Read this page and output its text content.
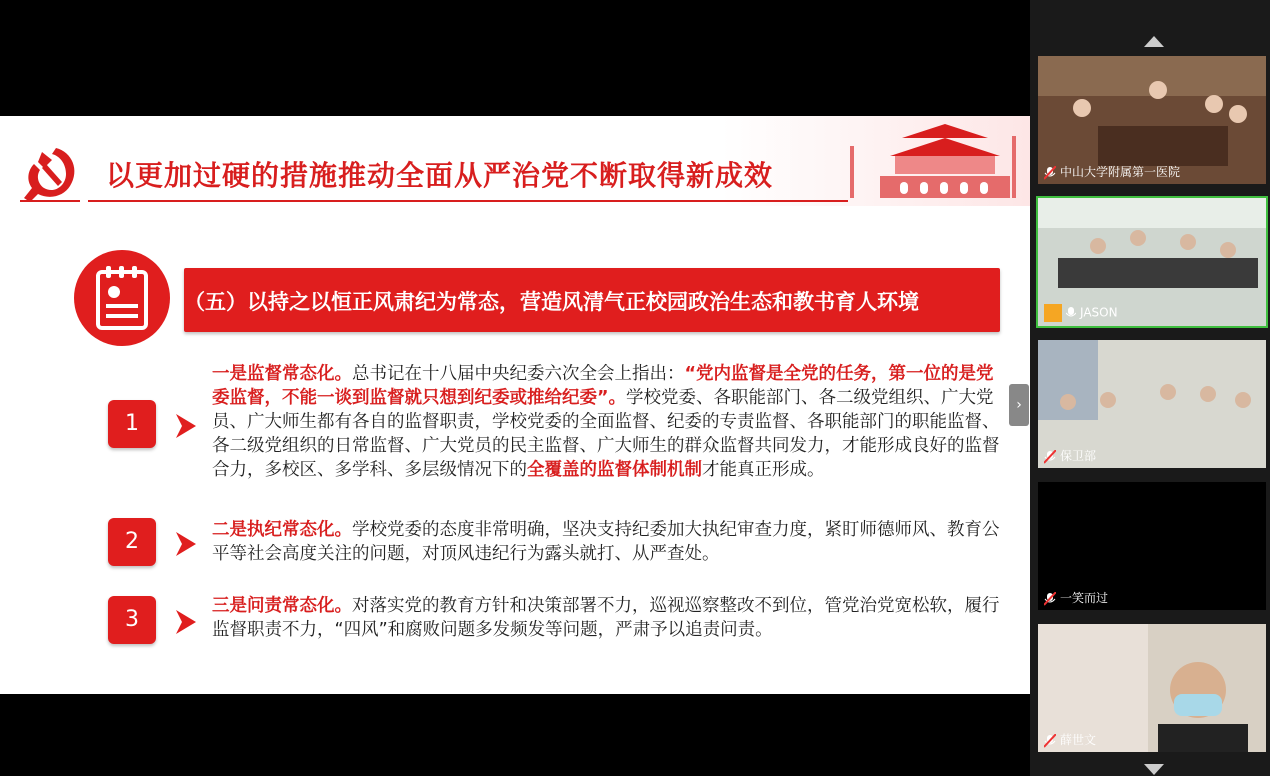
以更加过硬的措施推动全面从严治党不断取得新成效
（五）以持之以恒正风肃纪为常态，营造风清气正校园政治生态和教书育人环境
1
一是监督常态化。总书记在十八届中央纪委六次全会上指出：“党内监督是全党的任务，第一位的是党委监督，不能一谈到监督就只想到纪委或推给纪委”。学校党委、各职能部门、各二级党组织、广大党员、广大师生都有各自的监督职责，学校党委的全面监督、纪委的专责监督、各职能部门的职能监督、各二级党组织的日常监督、广大党员的民主监督、广大师生的群众监督共同发力，才能形成良好的监督合力，多校区、多学科、多层级情况下的全覆盖的监督体制机制才能真正形成。
2	二是执纪常态化。学校党委的态度非常明确，坚决支持纪委加大执纪审查力度，紧盯师德师风、教育公平等社会高度关注的问题，对顶风违纪行为露头就打、从严查处。
3
三是问责常态化。对落实党的教育方针和决策部署不力，巡视巡察整改不到位，管党治党宽松软，履行监督职责不力，“四风”和腐败问题多发频发等问题，严肃予以追责问责。
›
中山大学附属第一医院
JASON
保卫部
一笑而过
薛世文
